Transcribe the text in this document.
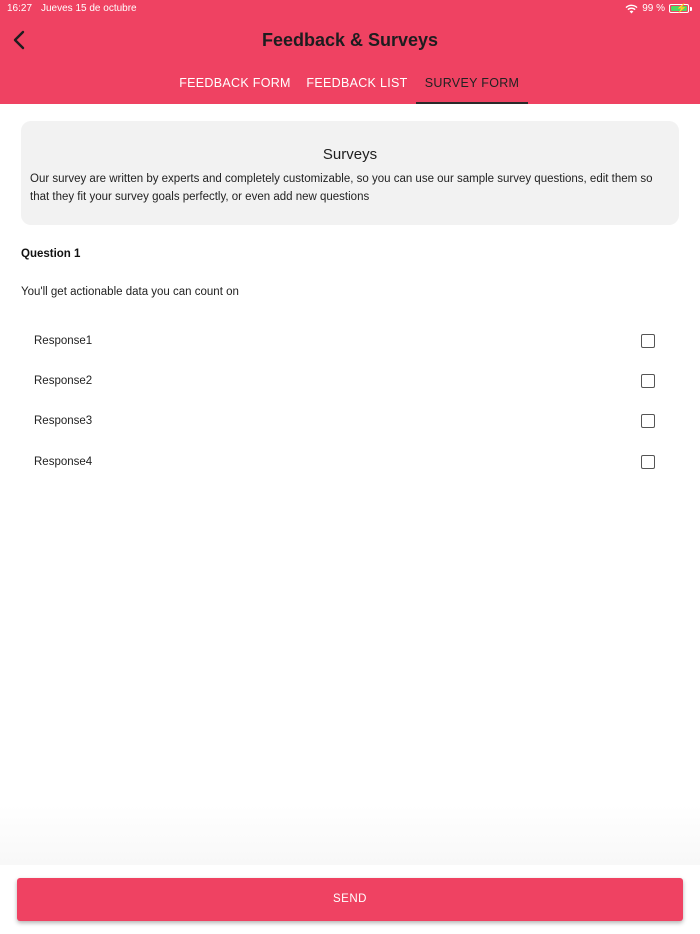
16:27 Jueves 15 de octubre	99 % ⚡
Feedback & Surveys
FEEDBACK FORM	FEEDBACK LIST	SURVEY FORM
Surveys
Our survey are written by experts and completely customizable, so you can use our sample survey questions, edit them so that they fit your survey goals perfectly, or even add new questions
Question 1
You'll get actionable data you can count on
Response1
Response2
Response3
Response4
SEND
